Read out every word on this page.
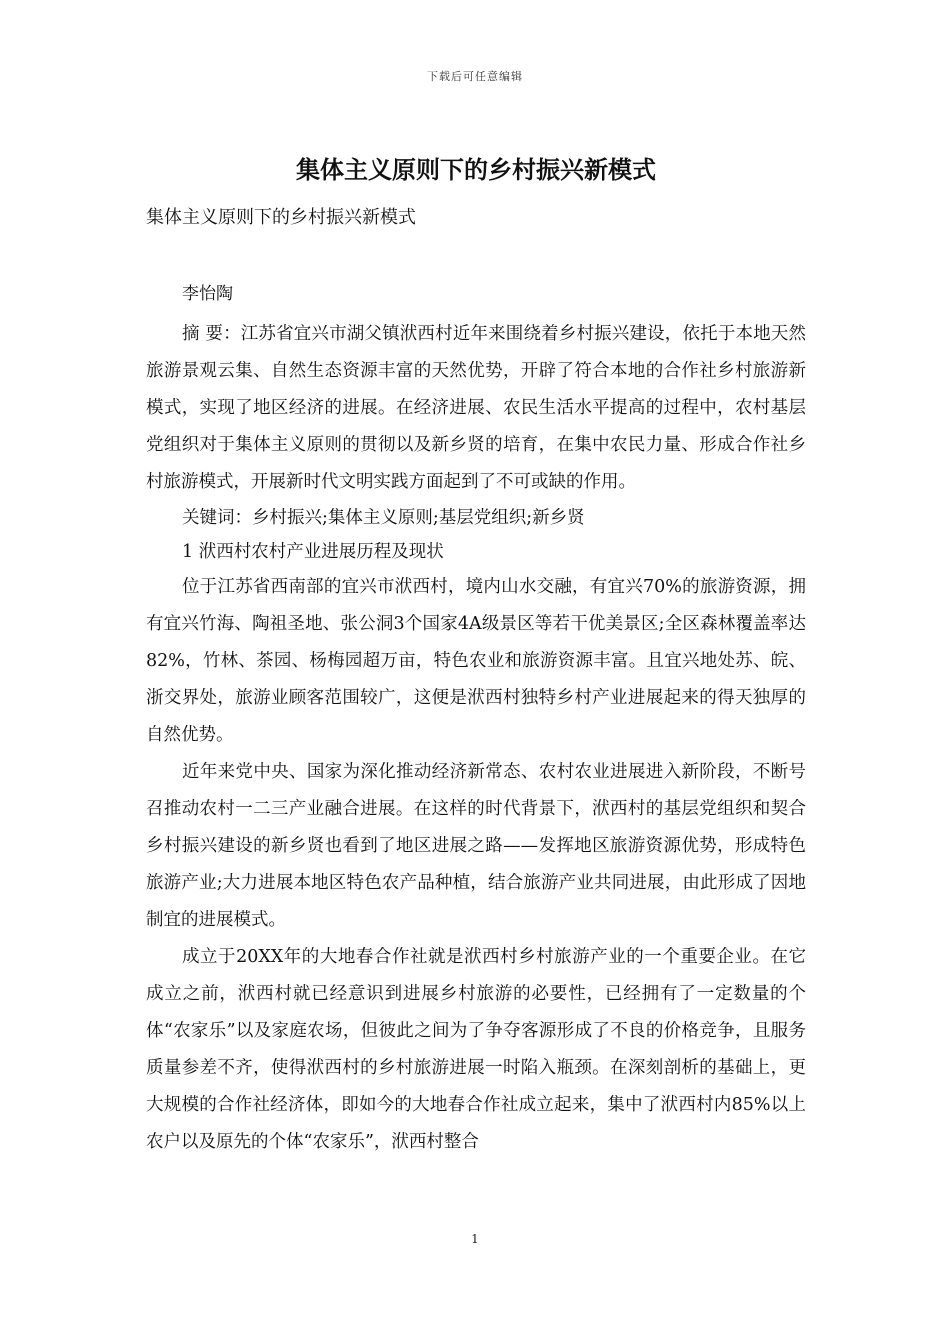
下载后可任意编辑
集体主义原则下的乡村振兴新模式

集体主义原则下的乡村振兴新模式

李怡陶

摘 要：江苏省宜兴市湖父镇洑西村近年来围绕着乡村振兴建设，依托于本地天然旅游景观云集、自然生态资源丰富的天然优势，开辟了符合本地的合作社乡村旅游新模式，实现了地区经济的进展。在经济进展、农民生活水平提高的过程中，农村基层党组织对于集体主义原则的贯彻以及新乡贤的培育，在集中农民力量、形成合作社乡村旅游模式，开展新时代文明实践方面起到了不可或缺的作用。

关键词：乡村振兴;集体主义原则;基层党组织;新乡贤

1 洑西村农村产业进展历程及现状

位于江苏省西南部的宜兴市洑西村，境内山水交融，有宜兴70%的旅游资源，拥有宜兴竹海、陶祖圣地、张公洞3个国家4A级景区等若干优美景区;全区森林覆盖率达82%，竹林、茶园、杨梅园超万亩，特色农业和旅游资源丰富。且宜兴地处苏、皖、浙交界处，旅游业顾客范围较广，这便是洑西村独特乡村产业进展起来的得天独厚的自然优势。

近年来党中央、国家为深化推动经济新常态、农村农业进展进入新阶段，不断号召推动农村一二三产业融合进展。在这样的时代背景下，洑西村的基层党组织和契合乡村振兴建设的新乡贤也看到了地区进展之路——发挥地区旅游资源优势，形成特色旅游产业;大力进展本地区特色农产品种植，结合旅游产业共同进展，由此形成了因地制宜的进展模式。

成立于20XX年的大地春合作社就是洑西村乡村旅游产业的一个重要企业。在它成立之前，洑西村就已经意识到进展乡村旅游的必要性，已经拥有了一定数量的个体“农家乐”以及家庭农场，但彼此之间为了争夺客源形成了不良的价格竞争，且服务质量参差不齐，使得洑西村的乡村旅游进展一时陷入瓶颈。在深刻剖析的基础上，更大规模的合作社经济体，即如今的大地春合作社成立起来，集中了洑西村内85%以上农户以及原先的个体“农家乐”，洑西村整合

1
